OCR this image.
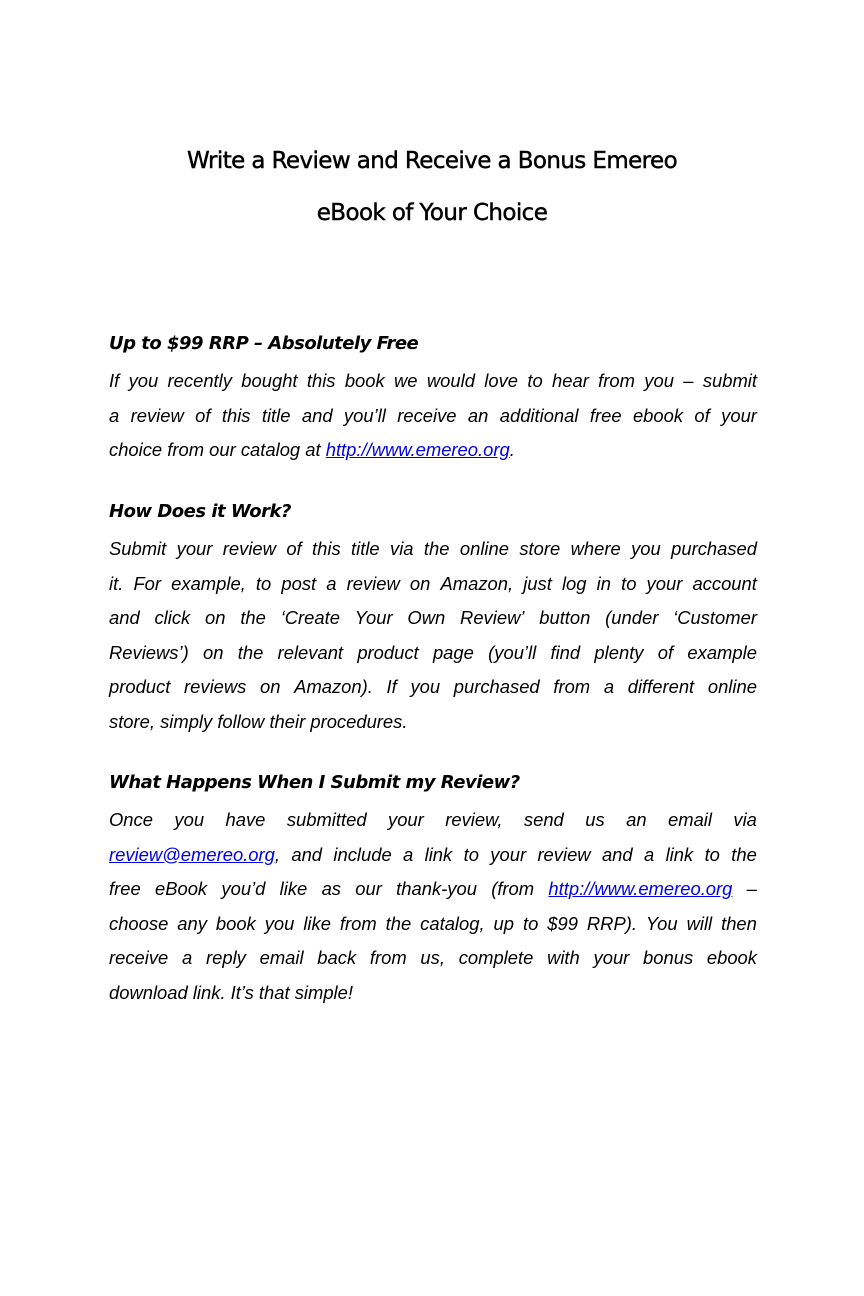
Write a Review and Receive a Bonus Emereo
eBook of Your Choice
Up to $99 RRP – Absolutely Free
If you recently bought this book we would love to hear from you – submit
a review of this title and you’ll receive an additional free ebook of your
choice from our catalog at http://www.emereo.org.
How Does it Work?
Submit your review of this title via the online store where you purchased
it. For example, to post a review on Amazon, just log in to your account
and click on the ‘Create Your Own Review’ button (under ‘Customer
Reviews’) on the relevant product page (you’ll find plenty of example
product reviews on Amazon). If you purchased from a different online
store, simply follow their procedures.
What Happens When I Submit my Review?
Once you have submitted your review, send us an email via
review@emereo.org, and include a link to your review and a link to the
free eBook you’d like as our thank-you (from http://www.emereo.org –
choose any book you like from the catalog, up to $99 RRP). You will then
receive a reply email back from us, complete with your bonus ebook
download link. It’s that simple!
